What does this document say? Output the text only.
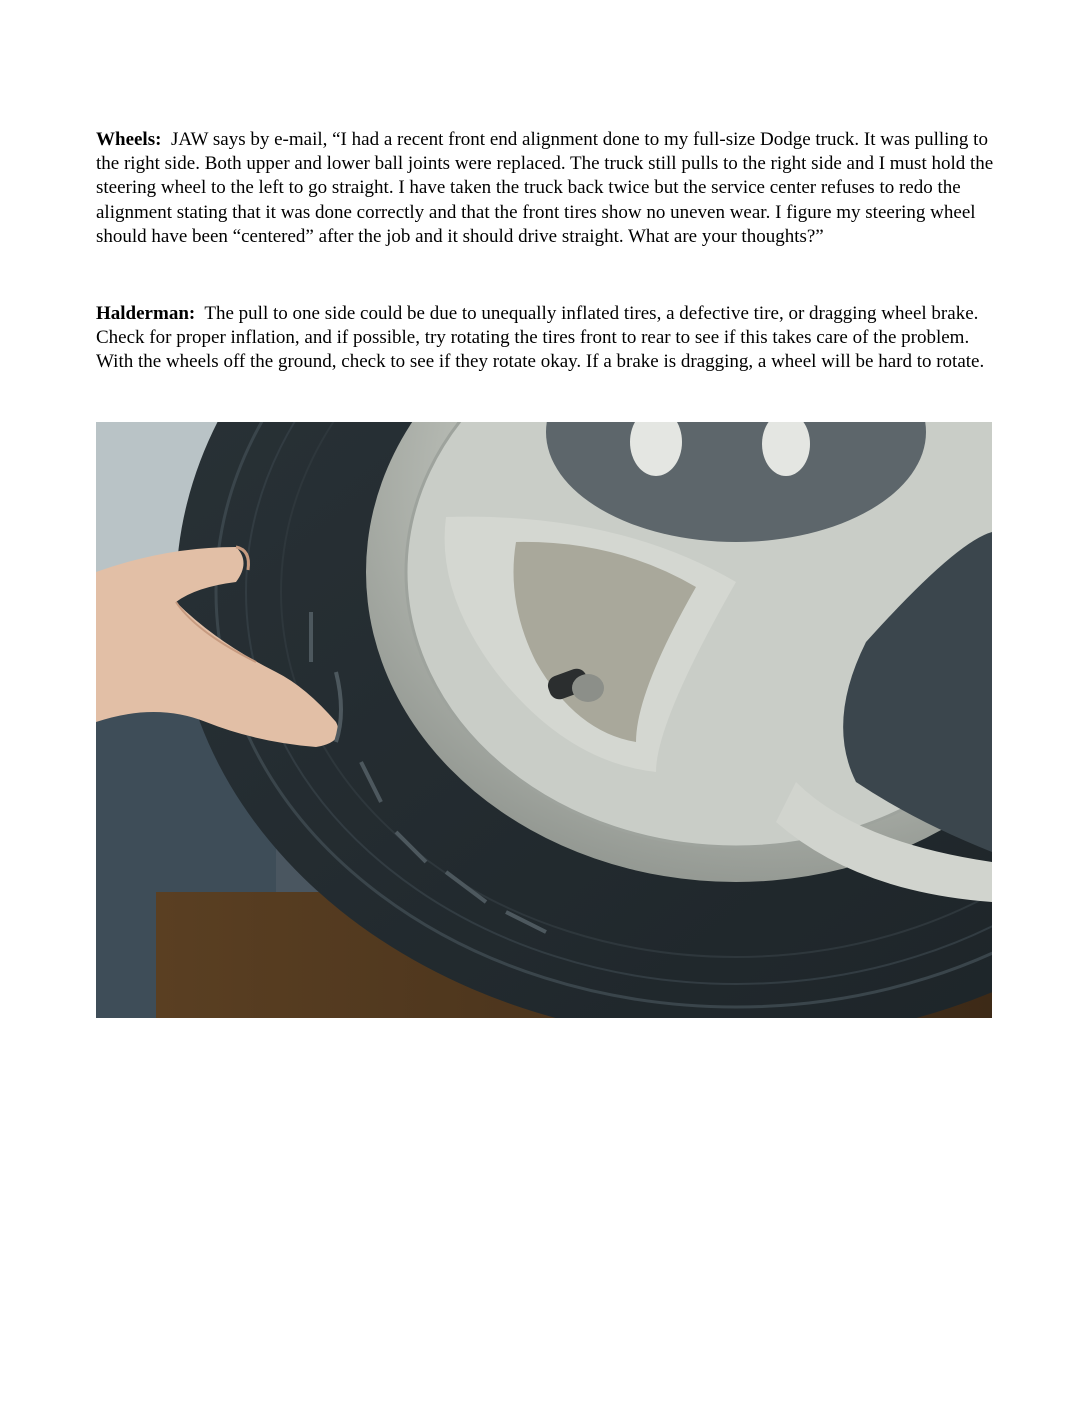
Wheels: JAW says by e-mail, “I had a recent front end alignment done to my full-size Dodge truck. It was pulling to the right side. Both upper and lower ball joints were replaced. The truck still pulls to the right side and I must hold the steering wheel to the left to go straight. I have taken the truck back twice but the service center refuses to redo the alignment stating that it was done correctly and that the front tires show no uneven wear. I figure my steering wheel should have been “centered” after the job and it should drive straight. What are your thoughts?”

Halderman: The pull to one side could be due to unequally inflated tires, a defective tire, or dragging wheel brake. Check for proper inflation, and if possible, try rotating the tires front to rear to see if this takes care of the problem. With the wheels off the ground, check to see if they rotate okay. If a brake is dragging, a wheel will be hard to rotate.
